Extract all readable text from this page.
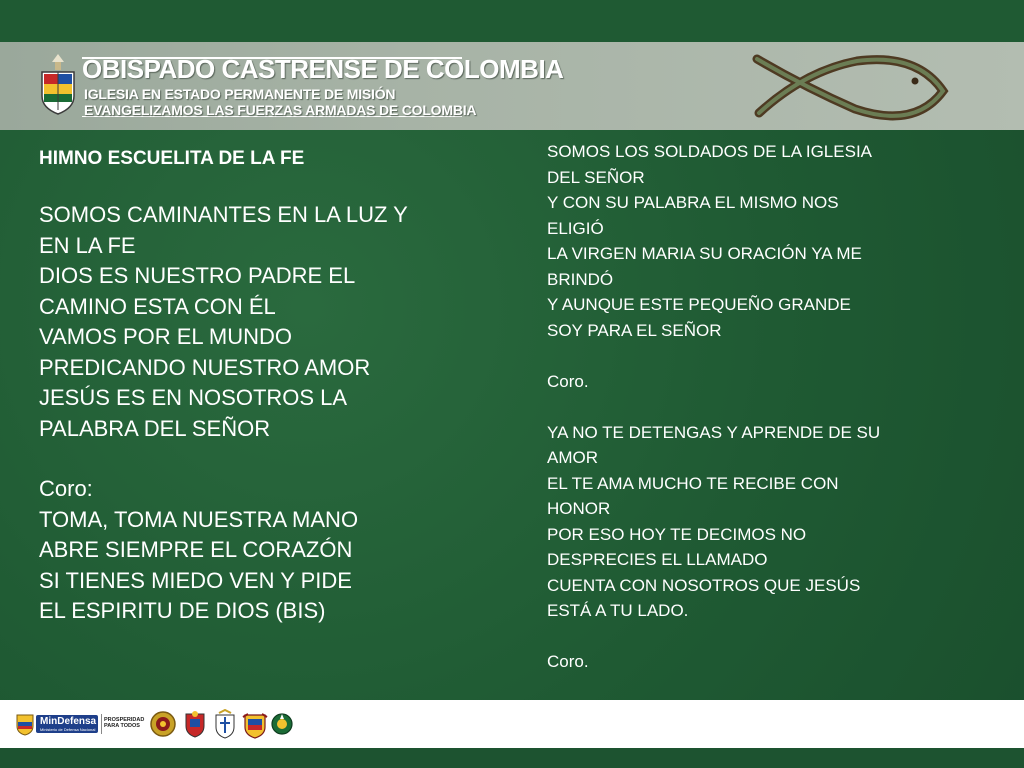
OBISPADO CASTRENSE DE COLOMBIA
IGLESIA EN ESTADO PERMANENTE DE MISIÓN
EVANGELIZAMOS LAS FUERZAS ARMADAS DE COLOMBIA
HIMNO ESCUELITA DE LA FE
SOMOS CAMINANTES EN LA LUZ Y
EN LA FE
DIOS ES NUESTRO PADRE EL
CAMINO ESTA CON ÉL
VAMOS POR EL MUNDO
PREDICANDO NUESTRO AMOR
JESÚS ES EN NOSOTROS LA
PALABRA DEL SEÑOR
Coro:
TOMA, TOMA NUESTRA MANO
ABRE SIEMPRE EL CORAZÓN
SI TIENES MIEDO VEN Y PIDE
EL ESPIRITU DE DIOS (BIS)
SOMOS LOS SOLDADOS DE LA IGLESIA
DEL SEÑOR
Y CON SU PALABRA EL MISMO NOS
ELIGIÓ
LA VIRGEN MARIA SU ORACIÓN YA ME
BRINDÓ
Y AUNQUE ESTE PEQUEÑO GRANDE
SOY PARA EL SEÑOR
Coro.
YA NO TE DETENGAS Y APRENDE DE SU
AMOR
EL TE AMA MUCHO TE RECIBE CON
HONOR
POR ESO HOY TE DECIMOS NO
DESPRECIES EL LLAMADO
CUENTA CON NOSOTROS QUE JESÚS
ESTÁ A TU LADO.
Coro.
MinDefensa
Ministerio de Defensa Nacional
PROSPERIDAD
PARA TODOS
